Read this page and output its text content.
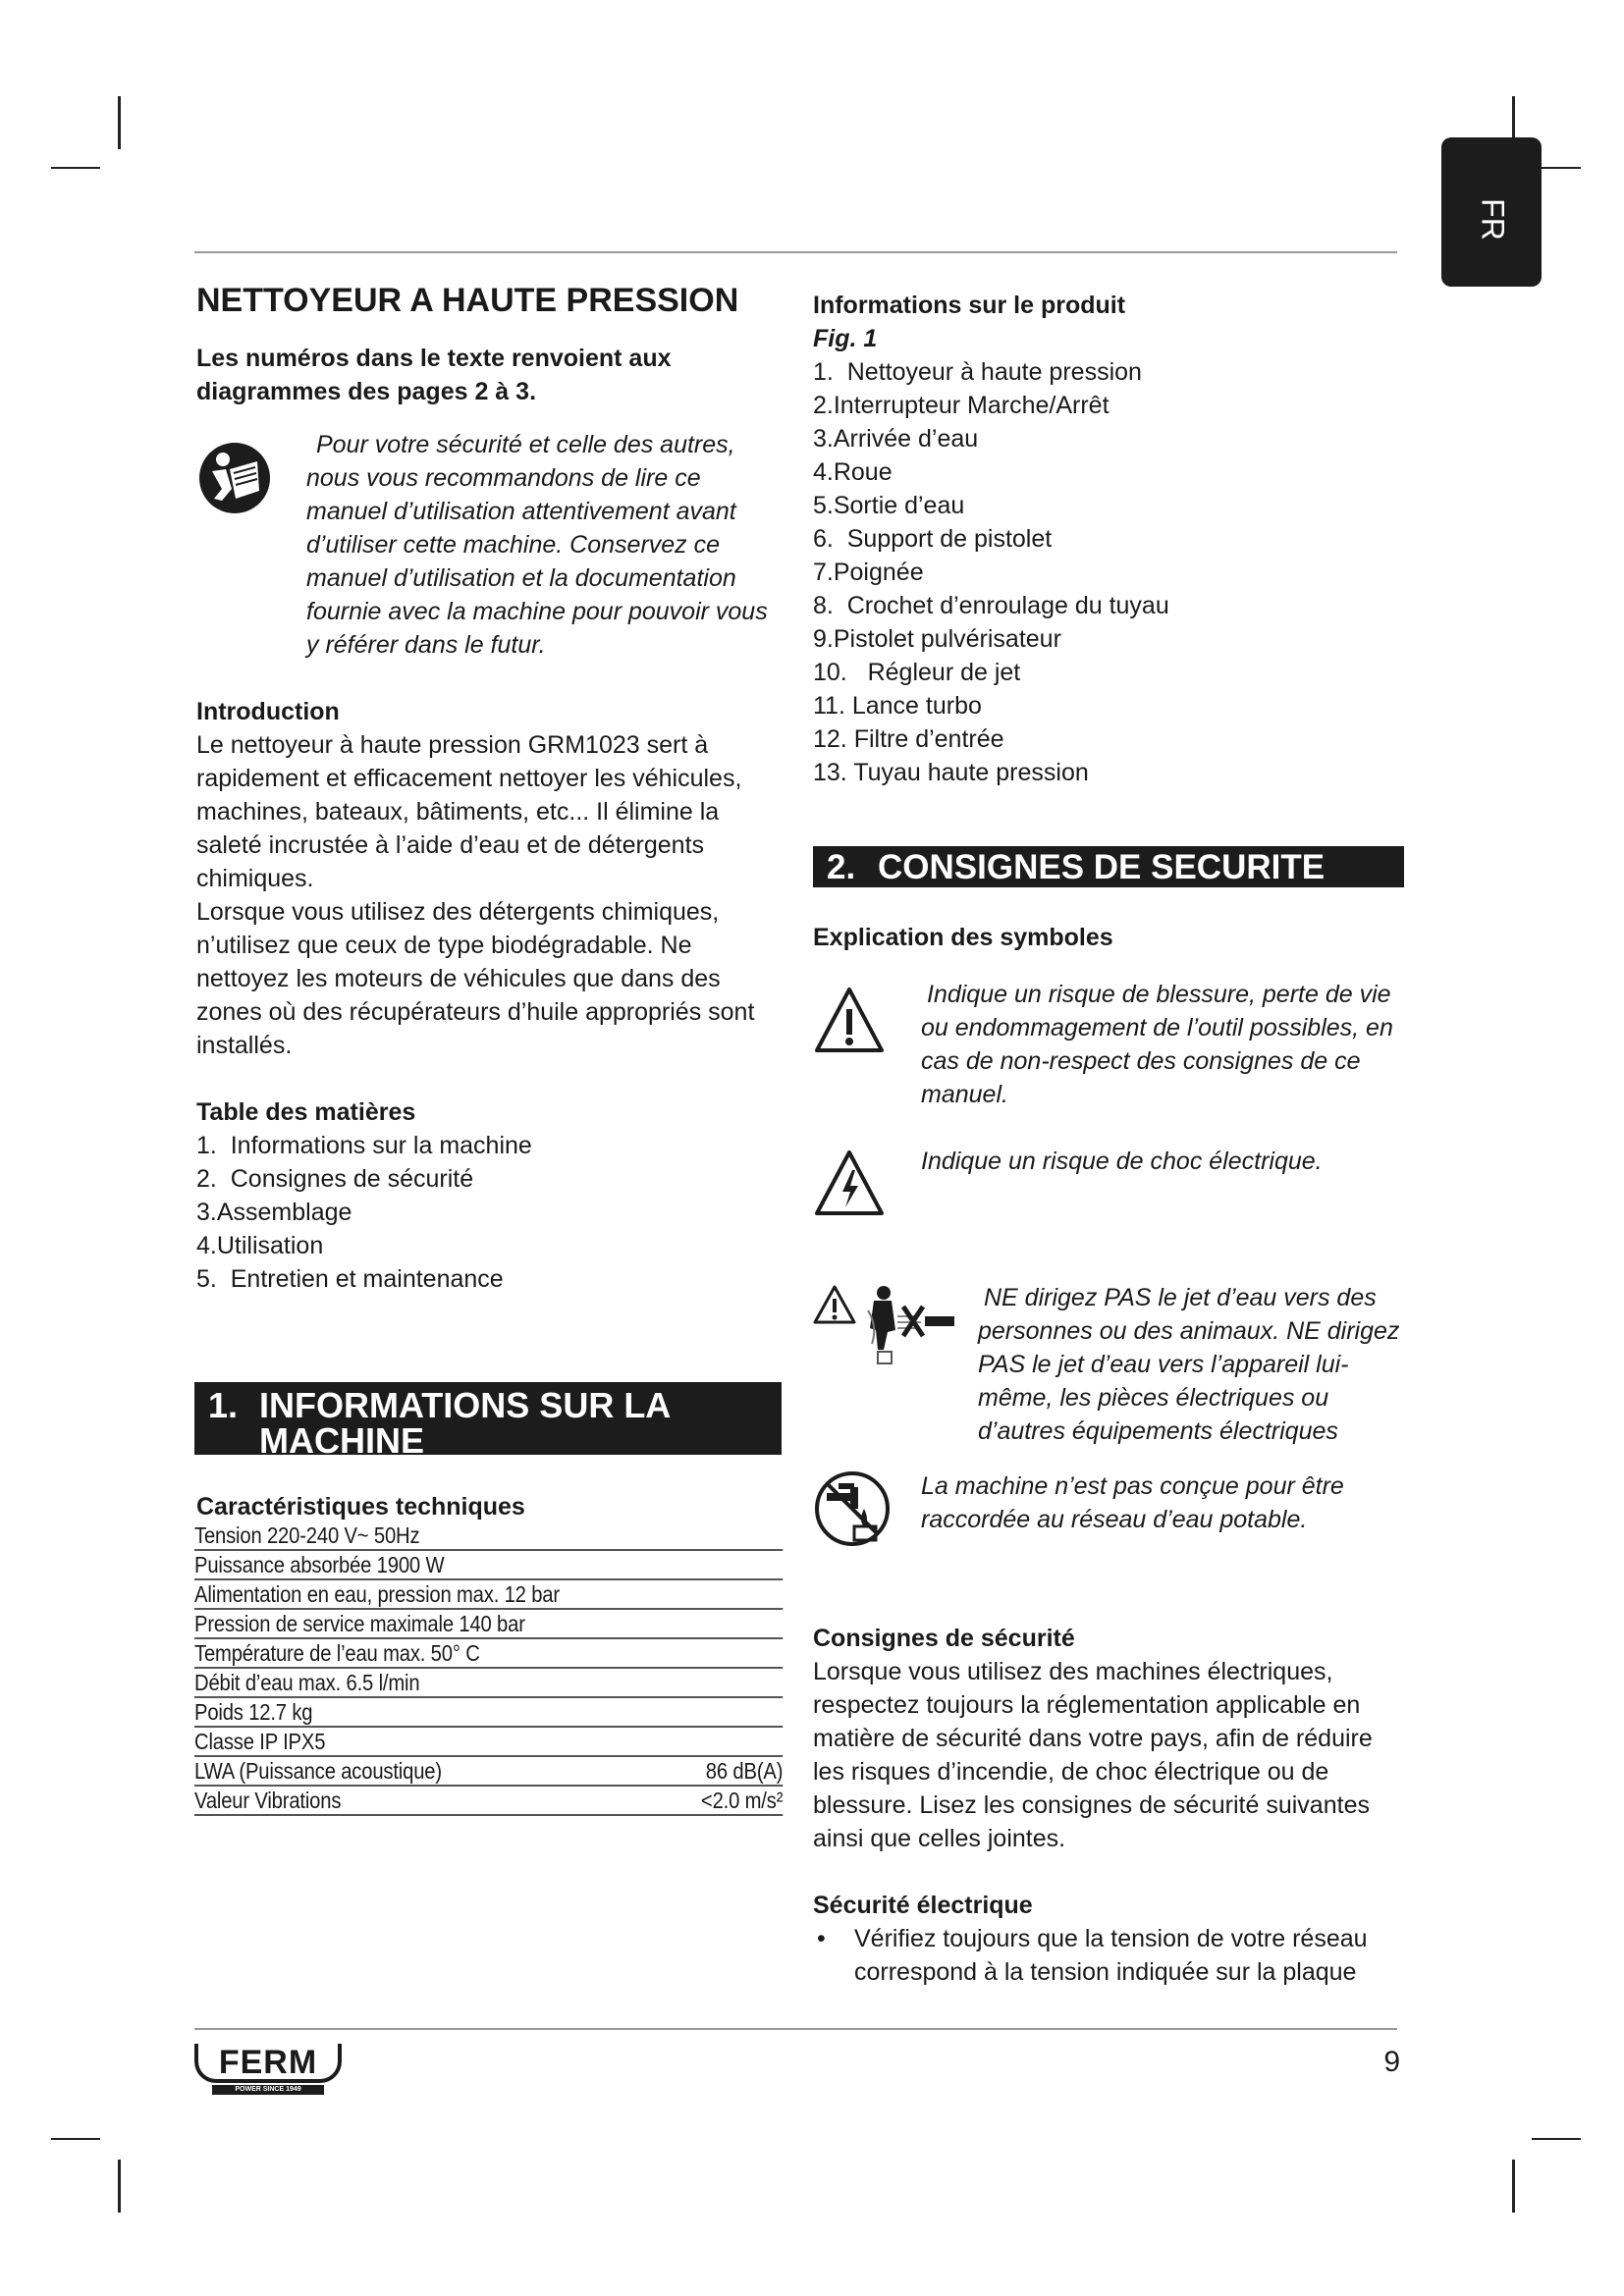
FR
NETTOYEUR A HAUTE PRESSION
Les numéros dans le texte renvoient aux diagrammes des pages 2 à 3.

Pour votre sécurité et celle des autres, nous vous recommandons de lire ce manuel d’utilisation attentivement avant d’utiliser cette machine. Conservez ce manuel d’utilisation et la documentation fournie avec la machine pour pouvoir vous y référer dans le futur.

Introduction

Le nettoyeur à haute pression GRM1023 sert à rapidement et efficacement nettoyer les véhicules, machines, bateaux, bâtiments, etc... Il élimine la saleté incrustée à l’aide d’eau et de détergents chimiques.

Lorsque vous utilisez des détergents chimiques, n’utilisez que ceux de type biodégradable. Ne nettoyez les moteurs de véhicules que dans des zones où des récupérateurs d’huile appropriés sont installés.

Table des matières
1.  Informations sur la machine
2.  Consignes de sécurité
3.Assemblage
4.Utilisation
5.  Entretien et maintenance
1. INFORMATIONS SUR LA
MACHINE
Caractéristiques techniques
Tension 220-240 V~ 50Hz
Puissance absorbée 1900 W
Alimentation en eau, pression max. 12 bar
Pression de service maximale 140 bar
Température de l’eau max. 50° C
Débit d’eau max. 6.5 l/min
Poids 12.7 kg
Classe IP IPX5
LWA (Puissance acoustique)	86 dB(A)
Valeur Vibrations	<2.0 m/s²
Informations sur le produit
Fig. 1
1.  Nettoyeur à haute pression
2.Interrupteur Marche/Arrêt
3.Arrivée d’eau
4.Roue
5.Sortie d’eau
6.  Support de pistolet
7.Poignée
8.  Crochet d’enroulage du tuyau
9.Pistolet pulvérisateur
10.   Régleur de jet
11. Lance turbo
12. Filtre d’entrée
13. Tuyau haute pression
2. CONSIGNES DE SECURITE
Explication des symboles

Indique un risque de blessure, perte de vie ou endommagement de l’outil possibles, en cas de non-respect des consignes de ce manuel.

Indique un risque de choc électrique.

NE dirigez PAS le jet d’eau vers des personnes ou des animaux. NE dirigez PAS le jet d’eau vers l’appareil lui-même, les pièces électriques ou d’autres équipements électriques

La machine n’est pas conçue pour être raccordée au réseau d’eau potable.

Consignes de sécurité

Lorsque vous utilisez des machines électriques, respectez toujours la réglementation applicable en matière de sécurité dans votre pays, afin de réduire les risques d’incendie, de choc électrique ou de blessure. Lisez les consignes de sécurité suivantes ainsi que celles jointes.

Sécurité électrique
• Vérifiez toujours que la tension de votre réseau correspond à la tension indiquée sur la plaque
FERM
POWER SINCE 1949
9
